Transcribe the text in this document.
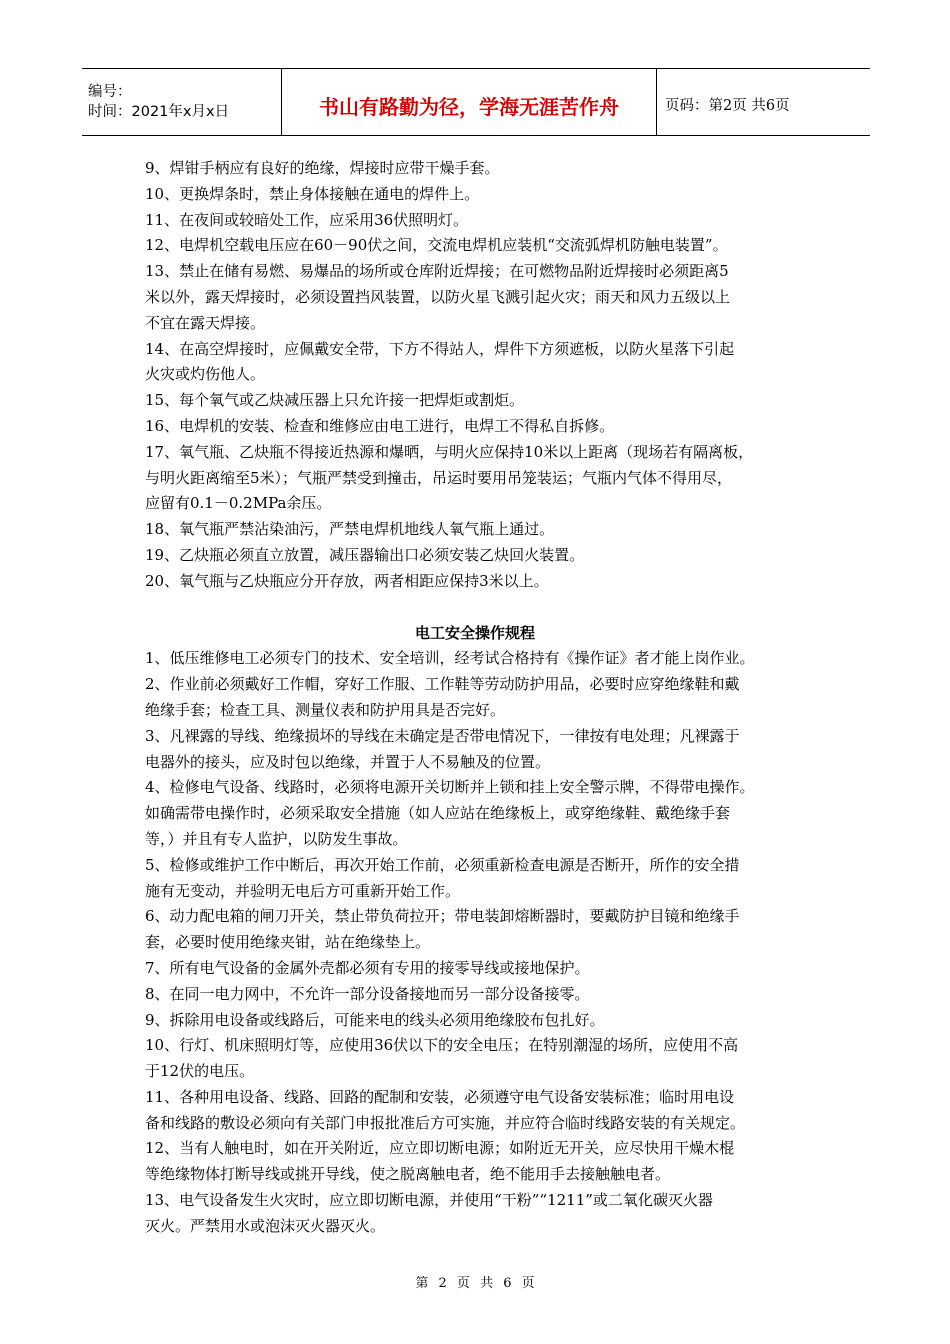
编号：
时间：2021年x月x日	书山有路勤为径，学海无涯苦作舟	页码：第2页 共6页
9、焊钳手柄应有良好的绝缘，焊接时应带干燥手套。
10、更换焊条时，禁止身体接触在通电的焊件上。
11、在夜间或较暗处工作，应采用36伏照明灯。
12、电焊机空载电压应在60－90伏之间，交流电焊机应装机“交流弧焊机防触电装置”。
13、禁止在储有易燃、易爆品的场所或仓库附近焊接；在可燃物品附近焊接时必须距离5
米以外，露天焊接时，必须设置挡风装置，以防火星飞溅引起火灾；雨天和风力五级以上
不宜在露天焊接。
14、在高空焊接时，应佩戴安全带，下方不得站人，焊件下方须遮板，以防火星落下引起
火灾或灼伤他人。
15、每个氧气或乙炔减压器上只允许接一把焊炬或割炬。
16、电焊机的安装、检查和维修应由电工进行，电焊工不得私自拆修。
17、氧气瓶、乙炔瓶不得接近热源和爆晒，与明火应保持10米以上距离（现场若有隔离板，
与明火距离缩至5米）；气瓶严禁受到撞击，吊运时要用吊笼装运；气瓶内气体不得用尽，
应留有0.1－0.2MPa余压。
18、氧气瓶严禁沾染油污，严禁电焊机地线人氧气瓶上通过。
19、乙炔瓶必须直立放置，减压器输出口必须安装乙炔回火装置。
20、氧气瓶与乙炔瓶应分开存放，两者相距应保持3米以上。
电工安全操作规程
1、低压维修电工必须专门的技术、安全培训，经考试合格持有《操作证》者才能上岗作业。
2、作业前必须戴好工作帽，穿好工作服、工作鞋等劳动防护用品，必要时应穿绝缘鞋和戴
绝缘手套；检查工具、测量仪表和防护用具是否完好。
3、凡裸露的导线、绝缘损坏的导线在未确定是否带电情况下，一律按有电处理；凡裸露于
电器外的接头，应及时包以绝缘，并置于人不易触及的位置。
4、检修电气设备、线路时，必须将电源开关切断并上锁和挂上安全警示牌，不得带电操作。
如确需带电操作时，必须采取安全措施（如人应站在绝缘板上，或穿绝缘鞋、戴绝缘手套
等，）并且有专人监护，以防发生事故。
5、检修或维护工作中断后，再次开始工作前，必须重新检查电源是否断开，所作的安全措
施有无变动，并验明无电后方可重新开始工作。
6、动力配电箱的闸刀开关，禁止带负荷拉开；带电装卸熔断器时，要戴防护目镜和绝缘手
套，必要时使用绝缘夹钳，站在绝缘垫上。
7、所有电气设备的金属外壳都必须有专用的接零导线或接地保护。
8、在同一电力网中，不允许一部分设备接地而另一部分设备接零。
9、拆除用电设备或线路后，可能来电的线头必须用绝缘胶布包扎好。
10、行灯、机床照明灯等，应使用36伏以下的安全电压；在特别潮湿的场所，应使用不高
于12伏的电压。
11、各种用电设备、线路、回路的配制和安装，必须遵守电气设备安装标准；临时用电设
备和线路的敷设必须向有关部门申报批准后方可实施，并应符合临时线路安装的有关规定。
12、当有人触电时，如在开关附近，应立即切断电源；如附近无开关，应尽快用干燥木棍
等绝缘物体打断导线或挑开导线，使之脱离触电者，绝不能用手去接触触电者。
13、电气设备发生火灾时，应立即切断电源，并使用“干粉”“1211”或二氧化碳灭火器
灭火。严禁用水或泡沫灭火器灭火。
第 2 页 共 6 页
